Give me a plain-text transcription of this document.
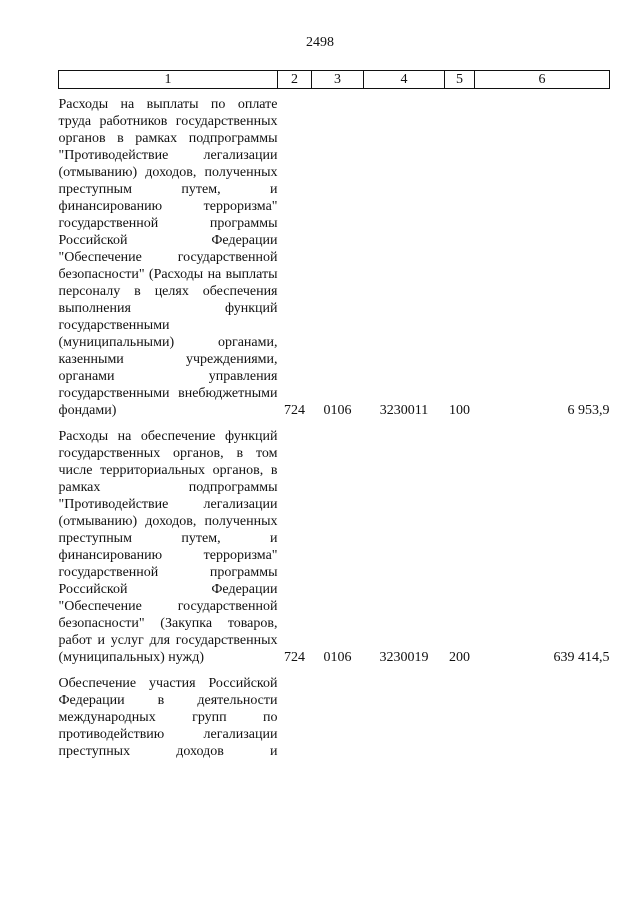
2498
1	2	3	4	5	6
Расходы на выплаты по оплате труда работников государственных органов в рамках подпрограммы "Противодействие легализации (отмыванию) доходов, полученных преступным путем, и финансированию терроризма" государственной программы Российской Федерации "Обеспечение государственной безопасности" (Расходы на выплаты персоналу в целях обеспечения выполнения функций государственными (муниципальными) органами, казенными учреждениями, органами управления государственными внебюджетными фондами)	724	0106	3230011	100	6 953,9
Расходы на обеспечение функций государственных органов, в том числе территориальных органов, в рамках подпрограммы "Противодействие легализации (отмыванию) доходов, полученных преступным путем, и финансированию терроризма" государственной программы Российской Федерации "Обеспечение государственной безопасности" (Закупка товаров, работ и услуг для государственных (муниципальных) нужд)	724	0106	3230019	200	639 414,5
Обеспечение участия Российской Федерации в деятельности международных групп по противодействию легализации преступных доходов и					
